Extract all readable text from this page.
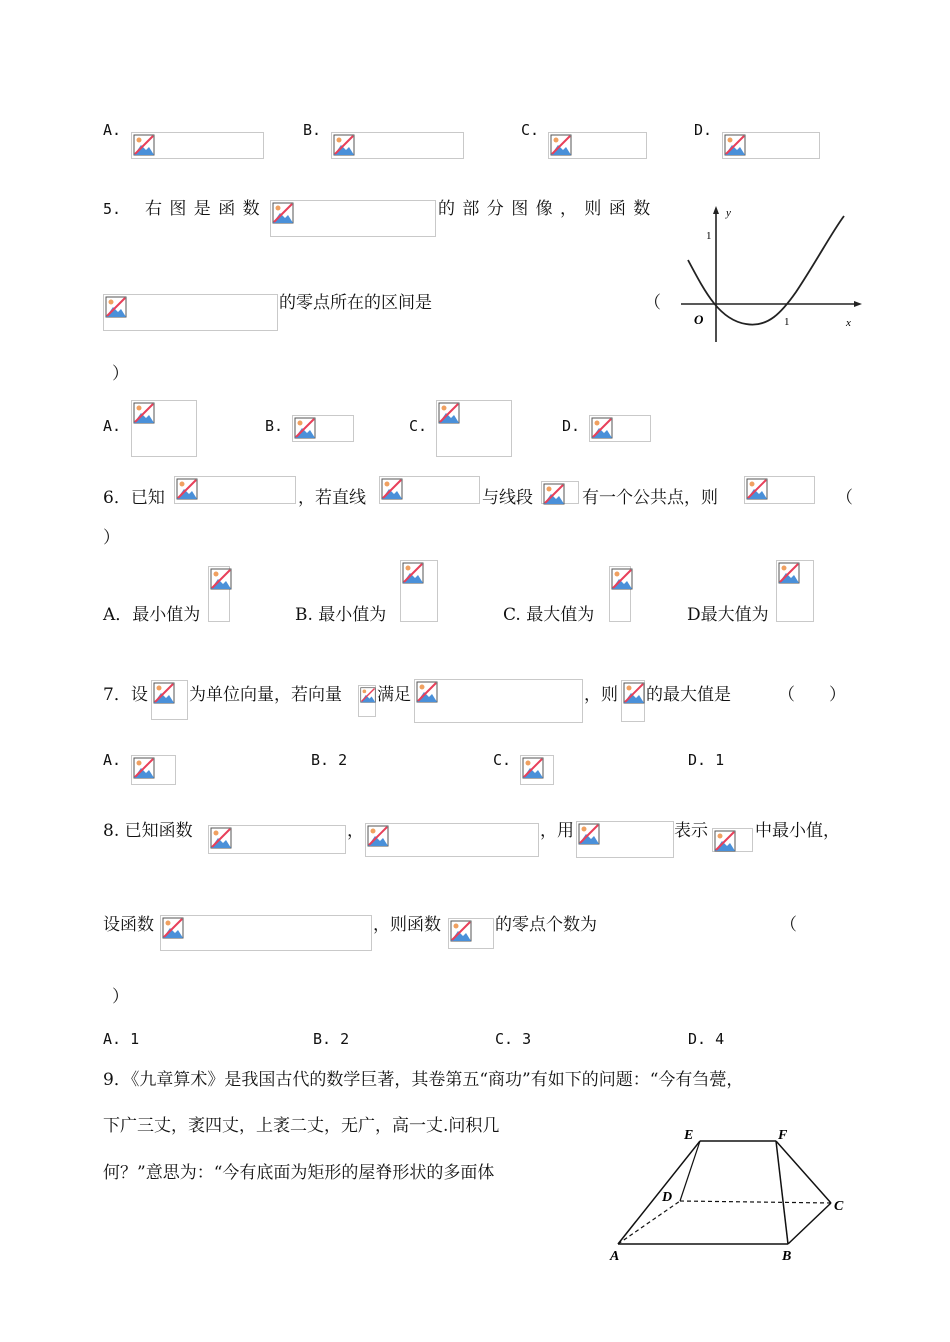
A.	B.	C.	D.
5. 右 图 是 函 数	的 部 分 图 像 ， 则 函 数
的零点所在的区间是	（
）
y
1
O	1	x
A.	B.	C.	D.
6．已知	，若直线	与线段	有一个公共点，则	（
）
A．最小值为	B. 最小值为	C. 最大值为	D最大值为
7．设 为单位向量，若向量 满足	，则 的最大值是	（　　）
A.	B. 2	C.	D. 1
8. 已知函数	，	，用	表示	中最小值，
设函数	，则函数	的零点个数为	（
）
A. 1	B. 2	C. 3	D. 4
9．《九章算术》是我国古代的数学巨著，其卷第五“商功”有如下的问题：“今有刍甍，
下广三丈，袤四丈，上袤二丈，无广，高一丈.问积几
何？”意思为：“今有底面为矩形的屋脊形状的多面体
E	F
D
C
A	B
